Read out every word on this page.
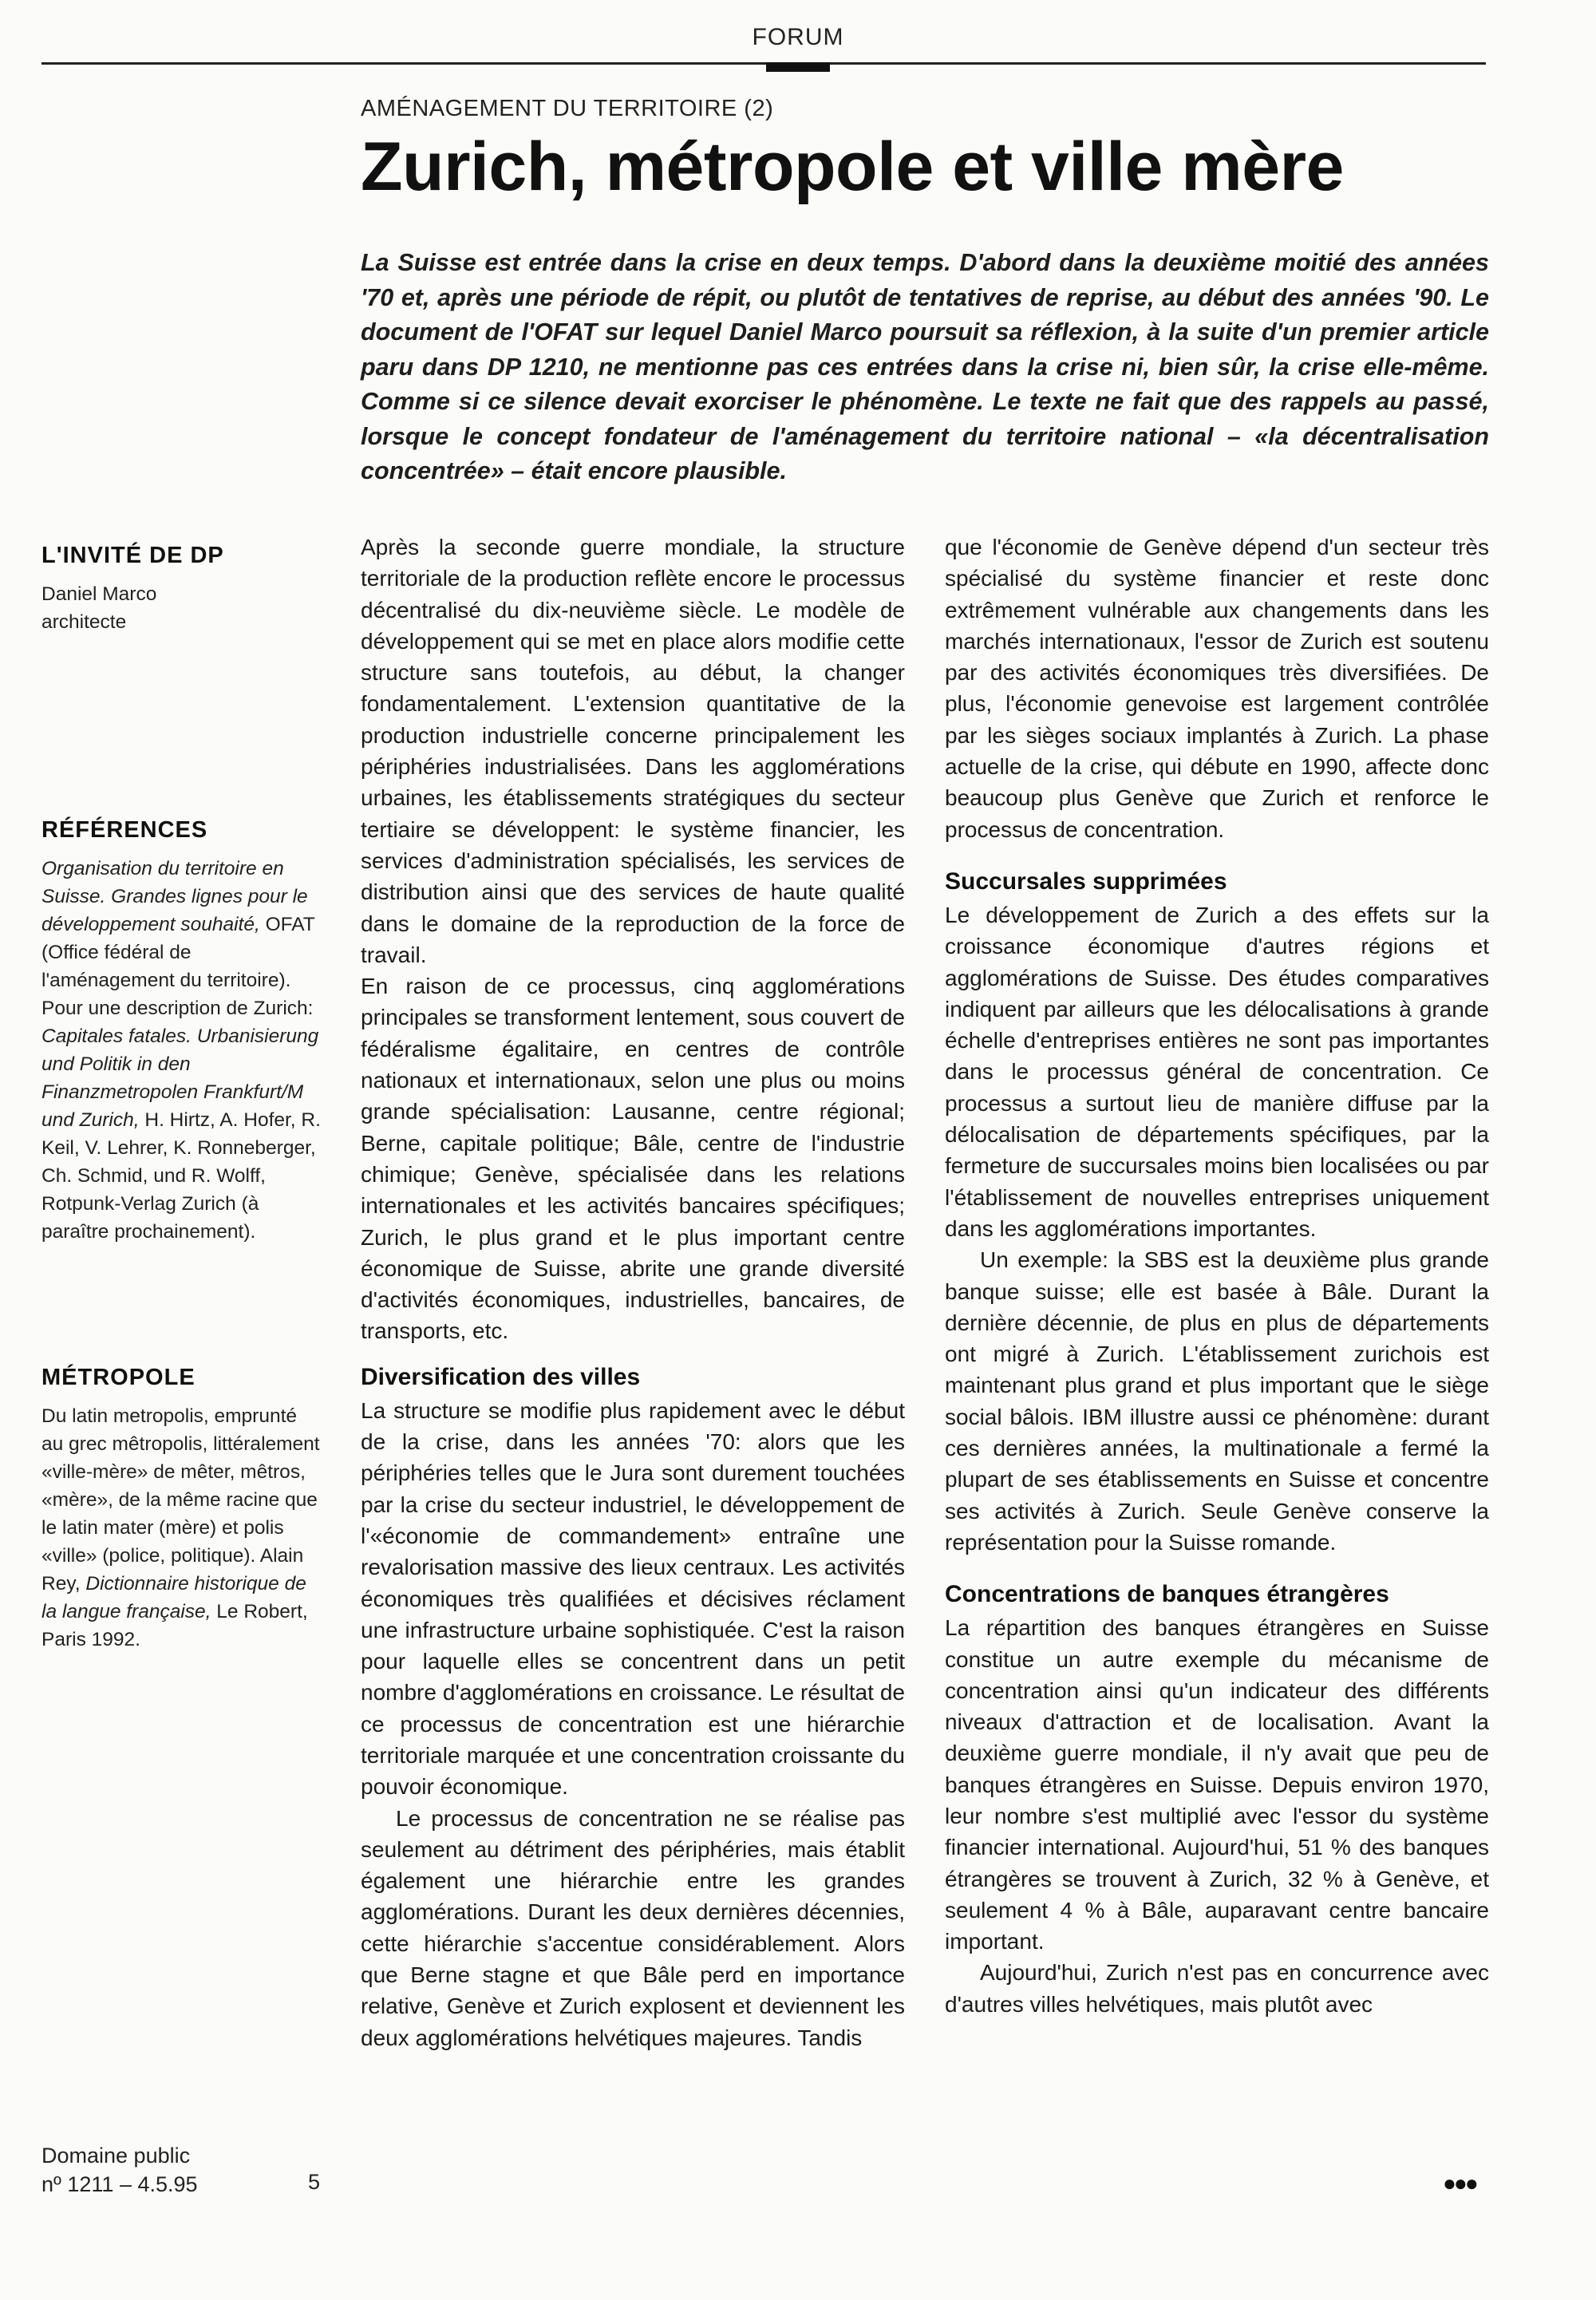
FORUM
AMÉNAGEMENT DU TERRITOIRE (2)
Zurich, métropole et ville mère

La Suisse est entrée dans la crise en deux temps. D'abord dans la deuxième moitié des années '70 et, après une période de répit, ou plutôt de tentatives de reprise, au début des années '90. Le document de l'OFAT sur lequel Daniel Marco poursuit sa réflexion, à la suite d'un premier article paru dans DP 1210, ne mentionne pas ces entrées dans la crise ni, bien sûr, la crise elle-même. Comme si ce silence devait exorciser le phénomène. Le texte ne fait que des rappels au passé, lorsque le concept fondateur de l'aménagement du territoire national – «la décentralisation concentrée» – était encore plausible.

L'INVITÉ DE DP

Daniel Marco

architecte

RÉFÉRENCES

Organisation du territoire en Suisse. Grandes lignes pour le développement souhaité, OFAT (Office fédéral de l'aménagement du territoire).

Pour une description de Zurich: Capitales fatales. Urbanisierung und Politik in den Finanzmetropolen Frankfurt/M und Zurich, H. Hirtz, A. Hofer, R. Keil, V. Lehrer, K. Ronneberger, Ch. Schmid, und R. Wolff, Rotpunk-Verlag Zurich (à paraître prochainement).

MÉTROPOLE

Du latin metropolis, emprunté au grec mêtropolis, littéralement «ville-mère» de mêter, mêtros, «mère», de la même racine que le latin mater (mère) et polis «ville» (police, politique). Alain Rey, Dictionnaire historique de la langue française, Le Robert, Paris 1992.

Après la seconde guerre mondiale, la structure territoriale de la production reflète encore le processus décentralisé du dix-neuvième siècle. Le modèle de développement qui se met en place alors modifie cette structure sans toutefois, au début, la changer fondamentalement. L'extension quantitative de la production industrielle concerne principalement les périphéries industrialisées. Dans les agglomérations urbaines, les établissements stratégiques du secteur tertiaire se développent: le système financier, les services d'administration spécialisés, les services de distribution ainsi que des services de haute qualité dans le domaine de la reproduction de la force de travail.

En raison de ce processus, cinq agglomérations principales se transforment lentement, sous couvert de fédéralisme égalitaire, en centres de contrôle nationaux et internationaux, selon une plus ou moins grande spécialisation: Lausanne, centre régional; Berne, capitale politique; Bâle, centre de l'industrie chimique; Genève, spécialisée dans les relations internationales et les activités bancaires spécifiques; Zurich, le plus grand et le plus important centre économique de Suisse, abrite une grande diversité d'activités économiques, industrielles, bancaires, de transports, etc.

Diversification des villes

La structure se modifie plus rapidement avec le début de la crise, dans les années '70: alors que les périphéries telles que le Jura sont durement touchées par la crise du secteur industriel, le développement de l'«économie de commandement» entraîne une revalorisation massive des lieux centraux. Les activités économiques très qualifiées et décisives réclament une infrastructure urbaine sophistiquée. C'est la raison pour laquelle elles se concentrent dans un petit nombre d'agglomérations en croissance. Le résultat de ce processus de concentration est une hiérarchie territoriale marquée et une concentration croissante du pouvoir économique.

Le processus de concentration ne se réalise pas seulement au détriment des périphéries, mais établit également une hiérarchie entre les grandes agglomérations. Durant les deux dernières décennies, cette hiérarchie s'accentue considérablement. Alors que Berne stagne et que Bâle perd en importance relative, Genève et Zurich explosent et deviennent les deux agglomérations helvétiques majeures. Tandis

que l'économie de Genève dépend d'un secteur très spécialisé du système financier et reste donc extrêmement vulnérable aux changements dans les marchés internationaux, l'essor de Zurich est soutenu par des activités économiques très diversifiées. De plus, l'économie genevoise est largement contrôlée par les sièges sociaux implantés à Zurich. La phase actuelle de la crise, qui débute en 1990, affecte donc beaucoup plus Genève que Zurich et renforce le processus de concentration.

Succursales supprimées

Le développement de Zurich a des effets sur la croissance économique d'autres régions et agglomérations de Suisse. Des études comparatives indiquent par ailleurs que les délocalisations à grande échelle d'entreprises entières ne sont pas importantes dans le processus général de concentration. Ce processus a surtout lieu de manière diffuse par la délocalisation de départements spécifiques, par la fermeture de succursales moins bien localisées ou par l'établissement de nouvelles entreprises uniquement dans les agglomérations importantes.

Un exemple: la SBS est la deuxième plus grande banque suisse; elle est basée à Bâle. Durant la dernière décennie, de plus en plus de départements ont migré à Zurich. L'établissement zurichois est maintenant plus grand et plus important que le siège social bâlois. IBM illustre aussi ce phénomène: durant ces dernières années, la multinationale a fermé la plupart de ses établissements en Suisse et concentre ses activités à Zurich. Seule Genève conserve la représentation pour la Suisse romande.

Concentrations de banques étrangères

La répartition des banques étrangères en Suisse constitue un autre exemple du mécanisme de concentration ainsi qu'un indicateur des différents niveaux d'attraction et de localisation. Avant la deuxième guerre mondiale, il n'y avait que peu de banques étrangères en Suisse. Depuis environ 1970, leur nombre s'est multiplié avec l'essor du système financier international. Aujourd'hui, 51 % des banques étrangères se trouvent à Zurich, 32 % à Genève, et seulement 4 % à Bâle, auparavant centre bancaire important.

Aujourd'hui, Zurich n'est pas en concurrence avec d'autres villes helvétiques, mais plutôt avec

Domaine public
nº 1211 – 4.5.95	5	●●●
